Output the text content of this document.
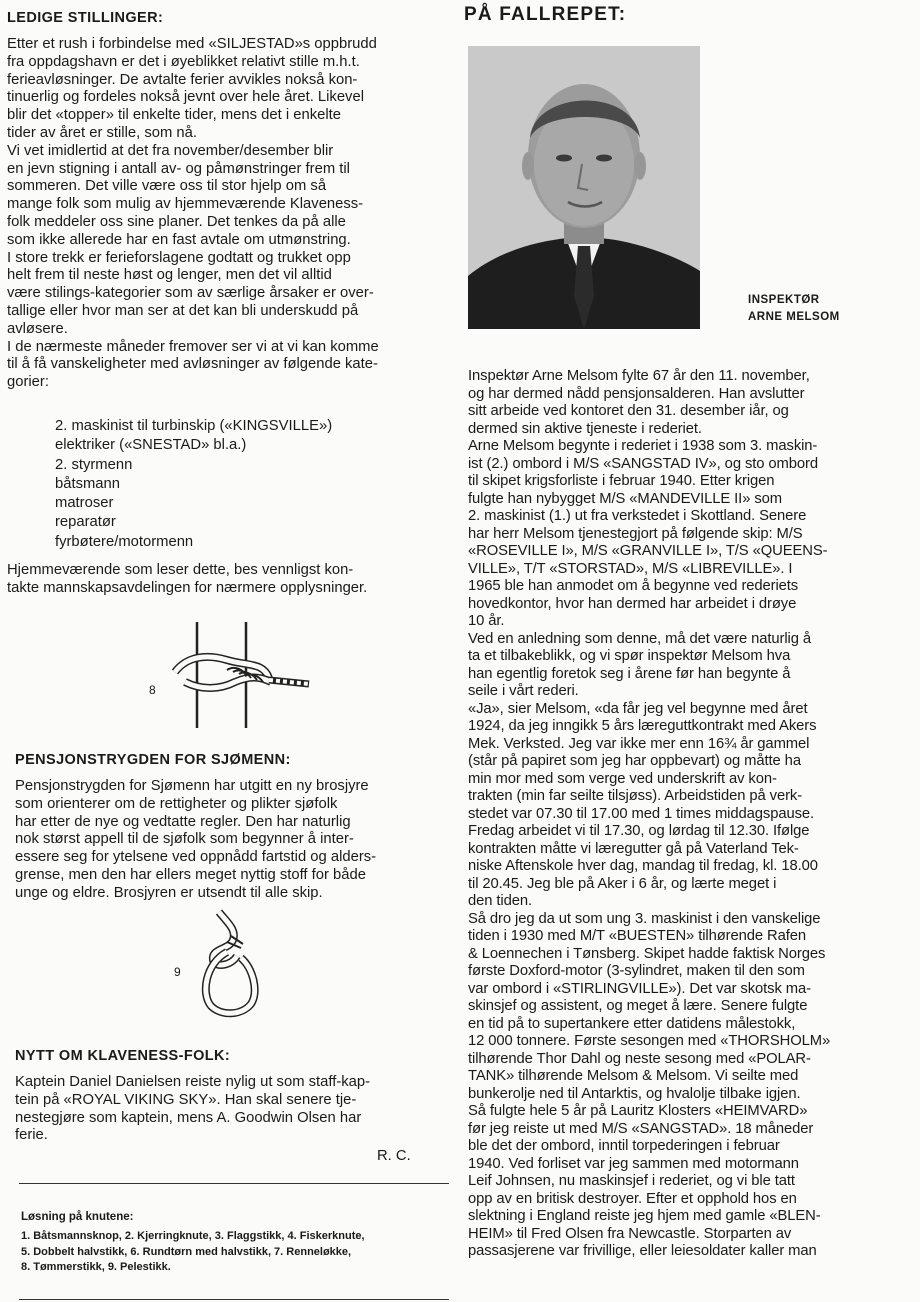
LEDIGE STILLINGER:
Etter et rush i forbindelse med «SILJESTAD»s oppbrudd
fra oppdagshavn er det i øyeblikket relativt stille m.h.t.
ferieavløsninger. De avtalte ferier avvikles nokså kon-
tinuerlig og fordeles nokså jevnt over hele året. Likevel
blir det «topper» til enkelte tider, mens det i enkelte
tider av året er stille, som nå.
Vi vet imidlertid at det fra november/desember blir
en jevn stigning i antall av- og påmønstringer frem til
sommeren. Det ville være oss til stor hjelp om så
mange folk som mulig av hjemmeværende Klaveness-
folk meddeler oss sine planer. Det tenkes da på alle
som ikke allerede har en fast avtale om utmønstring.
I store trekk er ferieforslagene godtatt og trukket opp
helt frem til neste høst og lenger, men det vil alltid
være stilings-kategorier som av særlige årsaker er over-
tallige eller hvor man ser at det kan bli underskudd på
avløsere.
I de nærmeste måneder fremover ser vi at vi kan komme
til å få vanskeligheter med avløsninger av følgende kate-
gorier:
2. maskinist til turbinskip («KINGSVILLE»)
elektriker («SNESTAD» bl.a.)
2. styrmenn
båtsmann
matroser
reparatør
fyrbøtere/motormenn
Hjemmeværende som leser dette, bes vennligst kon-
takte mannskapsavdelingen for nærmere opplysninger.
8
PENSJONSTRYGDEN FOR SJØMENN:
Pensjonstrygden for Sjømenn har utgitt en ny brosjyre
som orienterer om de rettigheter og plikter sjøfolk
har etter de nye og vedtatte regler. Den har naturlig
nok størst appell til de sjøfolk som begynner å inter-
essere seg for ytelsene ved oppnådd fartstid og alders-
grense, men den har ellers meget nyttig stoff for både
unge og eldre. Brosjyren er utsendt til alle skip.
9
NYTT OM KLAVENESS-FOLK:
Kaptein Daniel Danielsen reiste nylig ut som staff-kap-
tein på «ROYAL VIKING SKY». Han skal senere tje-
nestegjøre som kaptein, mens A. Goodwin Olsen har
ferie.
R. C.
Løsning på knutene:
1. Båtsmannsknop, 2. Kjerringknute, 3. Flaggstikk, 4. Fiskerknute,
5. Dobbelt halvstikk, 6. Rundtørn med halvstikk, 7. Renneløkke,
8. Tømmerstikk, 9. Pelestikk.
PÅ FALLREPET:
INSPEKTØR
ARNE MELSOM
Inspektør Arne Melsom fylte 67 år den 11. november,
og har dermed nådd pensjonsalderen. Han avslutter
sitt arbeide ved kontoret den 31. desember iår, og
dermed sin aktive tjeneste i rederiet.
Arne Melsom begynte i rederiet i 1938 som 3. maskin-
ist (2.) ombord i M/S «SANGSTAD IV», og sto ombord
til skipet krigsforliste i februar 1940. Etter krigen
fulgte han nybygget M/S «MANDEVILLE II» som
2. maskinist (1.) ut fra verkstedet i Skottland. Senere
har herr Melsom tjenestegjort på følgende skip: M/S
«ROSEVILLE I», M/S «GRANVILLE I», T/S «QUEENS-
VILLE», T/T «STORSTAD», M/S «LIBREVILLE». I
1965 ble han anmodet om å begynne ved rederiets
hovedkontor, hvor han dermed har arbeidet i drøye
10 år.
Ved en anledning som denne, må det være naturlig å
ta et tilbakeblikk, og vi spør inspektør Melsom hva
han egentlig foretok seg i årene før han begynte å
seile i vårt rederi.
«Ja», sier Melsom, «da får jeg vel begynne med året
1924, da jeg inngikk 5 års læreguttkontrakt med Akers
Mek. Verksted. Jeg var ikke mer enn 16¾ år gammel
(står på papiret som jeg har oppbevart) og måtte ha
min mor med som verge ved underskrift av kon-
trakten (min far seilte tilsjøss). Arbeidstiden på verk-
stedet var 07.30 til 17.00 med 1 times middagspause.
Fredag arbeidet vi til 17.30, og lørdag til 12.30. Ifølge
kontrakten måtte vi læregutter gå på Vaterland Tek-
niske Aftenskole hver dag, mandag til fredag, kl. 18.00
til 20.45. Jeg ble på Aker i 6 år, og lærte meget i
den tiden.
Så dro jeg da ut som ung 3. maskinist i den vanskelige
tiden i 1930 med M/T «BUESTEN» tilhørende Rafen
& Loennechen i Tønsberg. Skipet hadde faktisk Norges
første Doxford-motor (3-sylindret, maken til den som
var ombord i «STIRLINGVILLE»). Det var skotsk ma-
skinsjef og assistent, og meget å lære. Senere fulgte
en tid på to supertankere etter datidens målestokk,
12 000 tonnere. Første sesongen med «THORSHOLM»
tilhørende Thor Dahl og neste sesong med «POLAR-
TANK» tilhørende Melsom & Melsom. Vi seilte med
bunkerolje ned til Antarktis, og hvalolje tilbake igjen.
Så fulgte hele 5 år på Lauritz Klosters «HEIMVARD»
før jeg reiste ut med M/S «SANGSTAD». 18 måneder
ble det der ombord, inntil torpederingen i februar
1940. Ved forliset var jeg sammen med motormann
Leif Johnsen, nu maskinsjef i rederiet, og vi ble tatt
opp av en britisk destroyer. Efter et opphold hos en
slektning i England reiste jeg hjem med gamle «BLEN-
HEIM» til Fred Olsen fra Newcastle. Storparten av
passasjerene var frivillige, eller leiesoldater kaller man
